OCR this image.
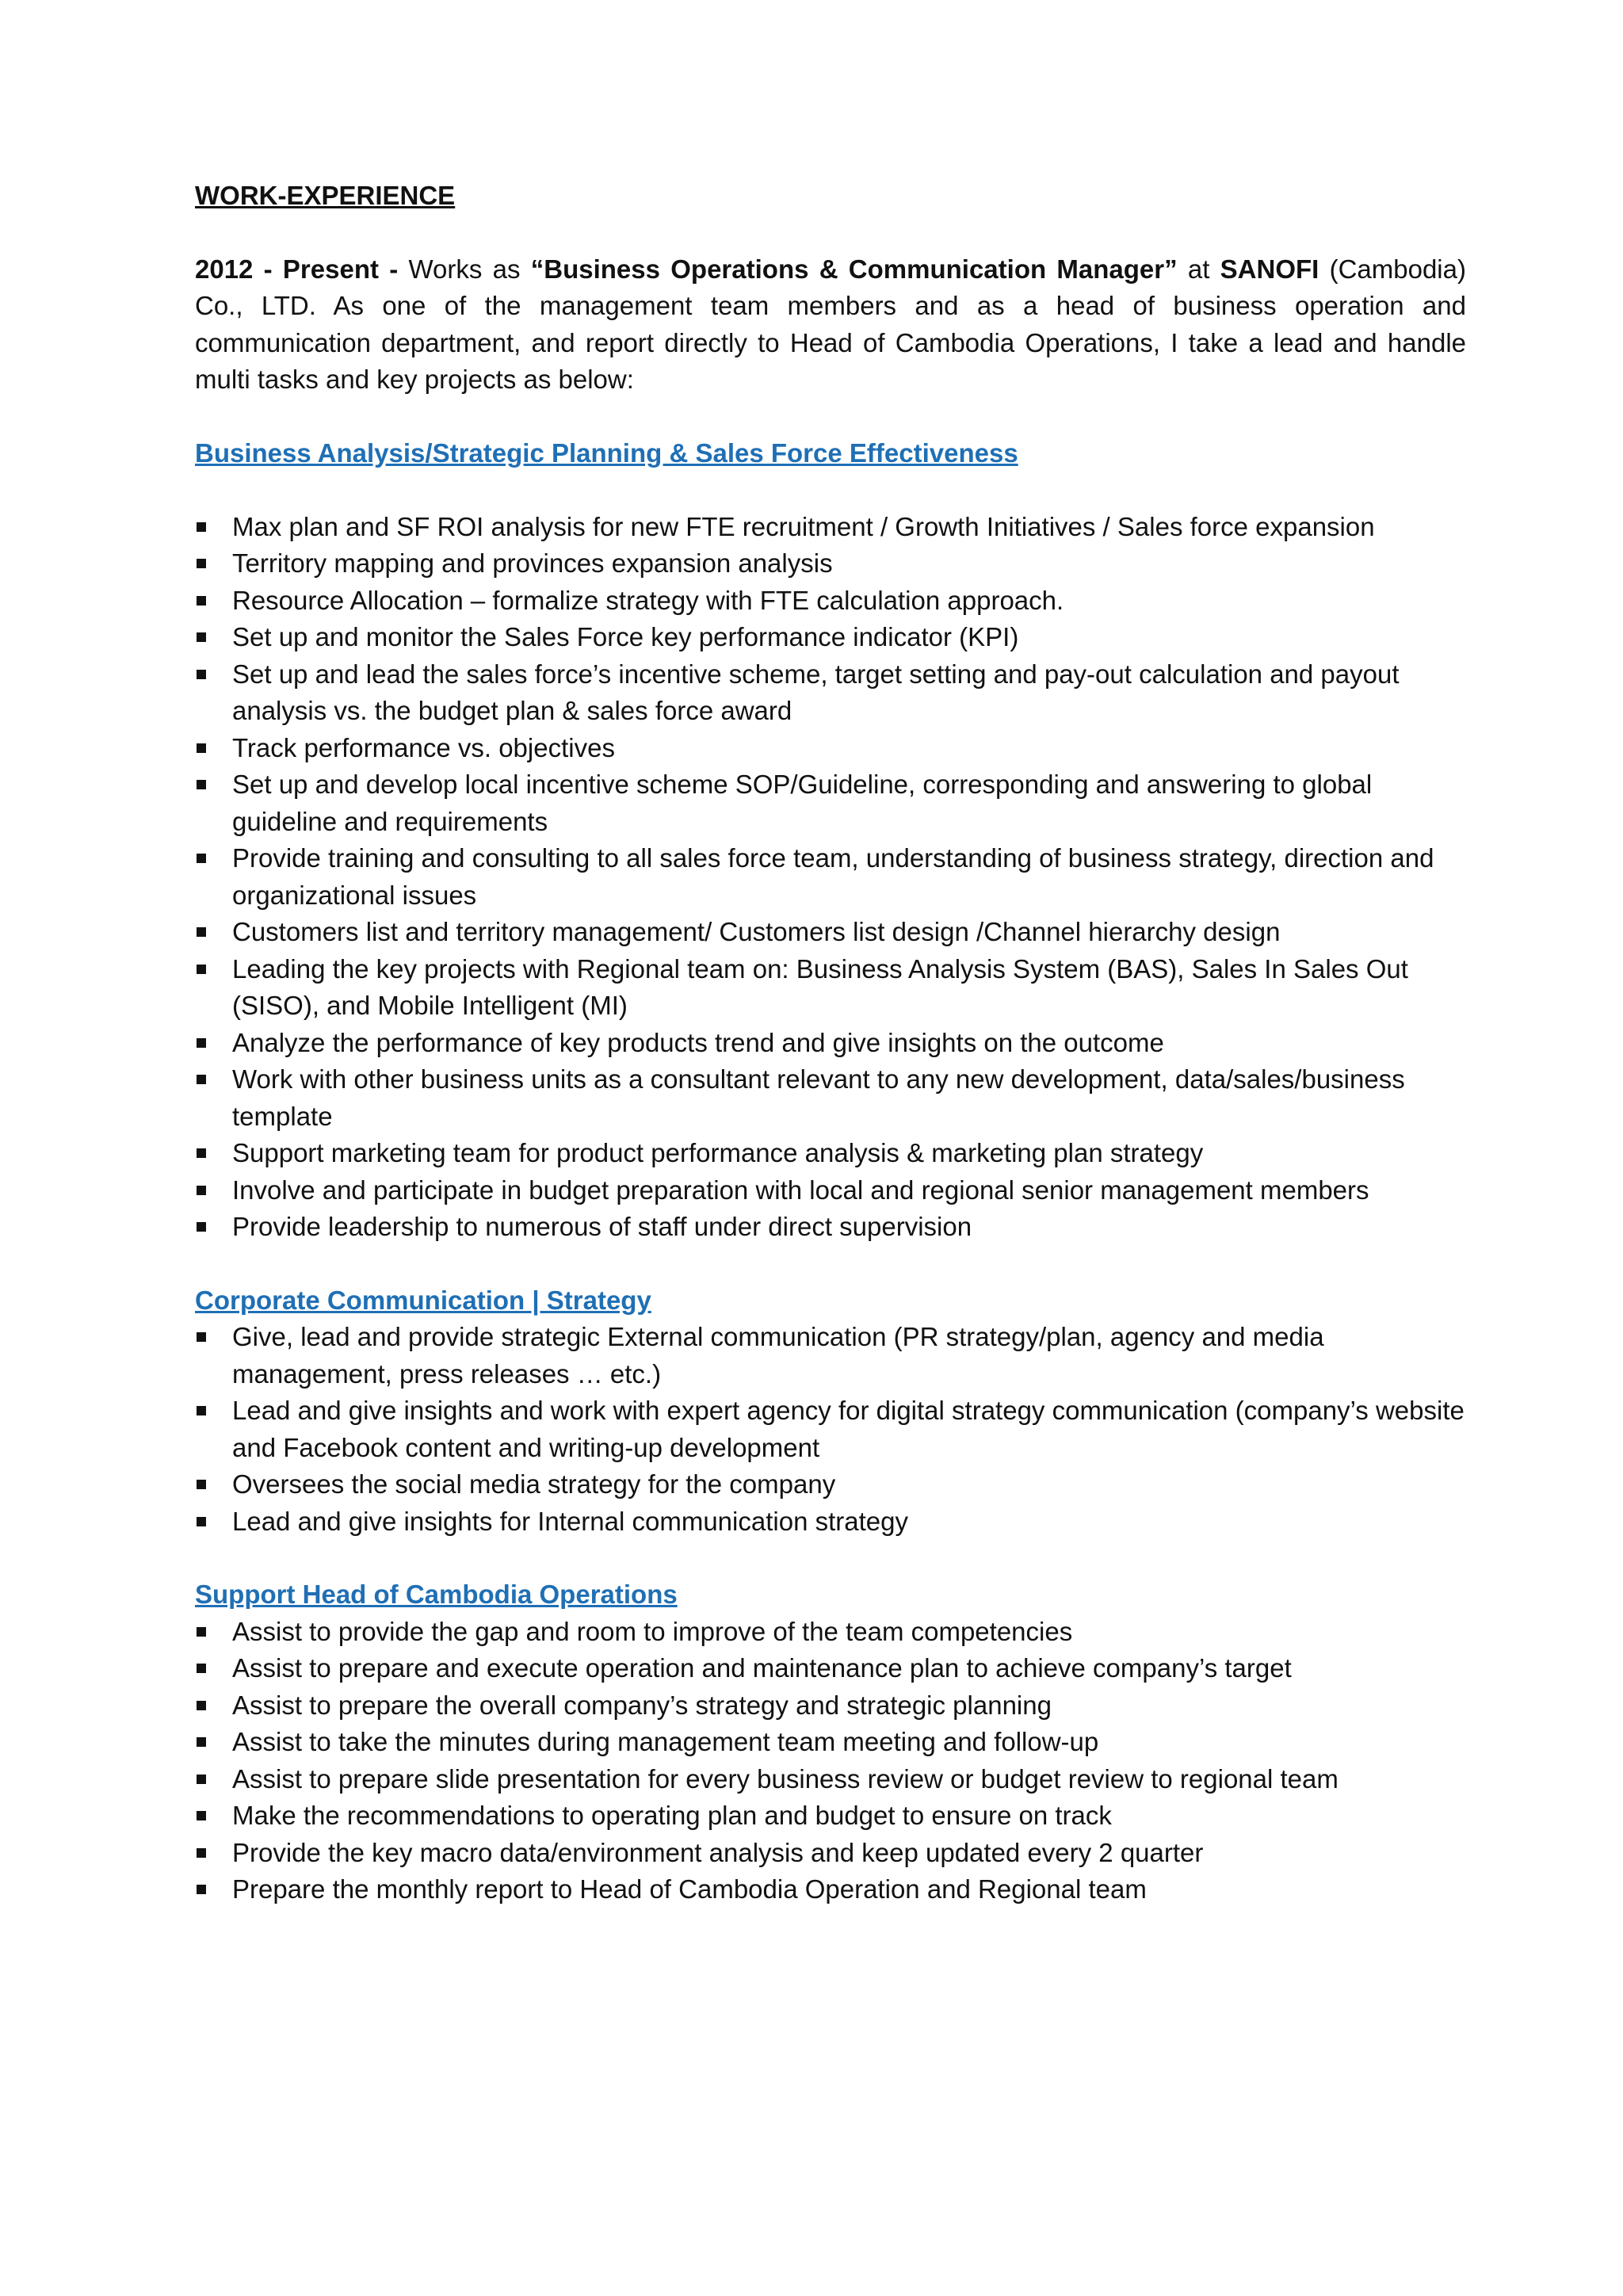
WORK-EXPERIENCE

2012 - Present - Works as “Business Operations & Communication Manager” at SANOFI (Cambodia) Co., LTD. As one of the management team members and as a head of business operation and communication department, and report directly to Head of Cambodia Operations, I take a lead and handle multi tasks and key projects as below:

Business Analysis/Strategic Planning & Sales Force Effectiveness

Max plan and SF ROI analysis for new FTE recruitment / Growth Initiatives / Sales force expansion
Territory mapping and provinces expansion analysis
Resource Allocation – formalize strategy with FTE calculation approach.
Set up and monitor the Sales Force key performance indicator (KPI)
Set up and lead the sales force’s incentive scheme, target setting and pay-out calculation and payout analysis vs. the budget plan & sales force award
Track performance vs. objectives
Set up and develop local incentive scheme SOP/Guideline, corresponding and answering to global guideline and requirements
Provide training and consulting to all sales force team, understanding of business strategy, direction and organizational issues
Customers list and territory management/ Customers list design /Channel hierarchy design
Leading the key projects with Regional team on: Business Analysis System (BAS), Sales In Sales Out (SISO), and Mobile Intelligent (MI)
Analyze the performance of key products trend and give insights on the outcome
Work with other business units as a consultant relevant to any new development, data/sales/business template
Support marketing team for product performance analysis & marketing plan strategy
Involve and participate in budget preparation with local and regional senior management members
Provide leadership to numerous of staff under direct supervision

Corporate Communication | Strategy

Give, lead and provide strategic External communication (PR strategy/plan, agency and media management, press releases … etc.)
Lead and give insights and work with expert agency for digital strategy communication (company’s website and Facebook content and writing-up development
Oversees the social media strategy for the company
Lead and give insights for Internal communication strategy

Support Head of Cambodia Operations

Assist to provide the gap and room to improve of the team competencies
Assist to prepare and execute operation and maintenance plan to achieve company’s target
Assist to prepare the overall company’s strategy and strategic planning
Assist to take the minutes during management team meeting and follow-up
Assist to prepare slide presentation for every business review or budget review to regional team
Make the recommendations to operating plan and budget to ensure on track
Provide the key macro data/environment analysis and keep updated every 2 quarter
Prepare the monthly report to Head of Cambodia Operation and Regional team
